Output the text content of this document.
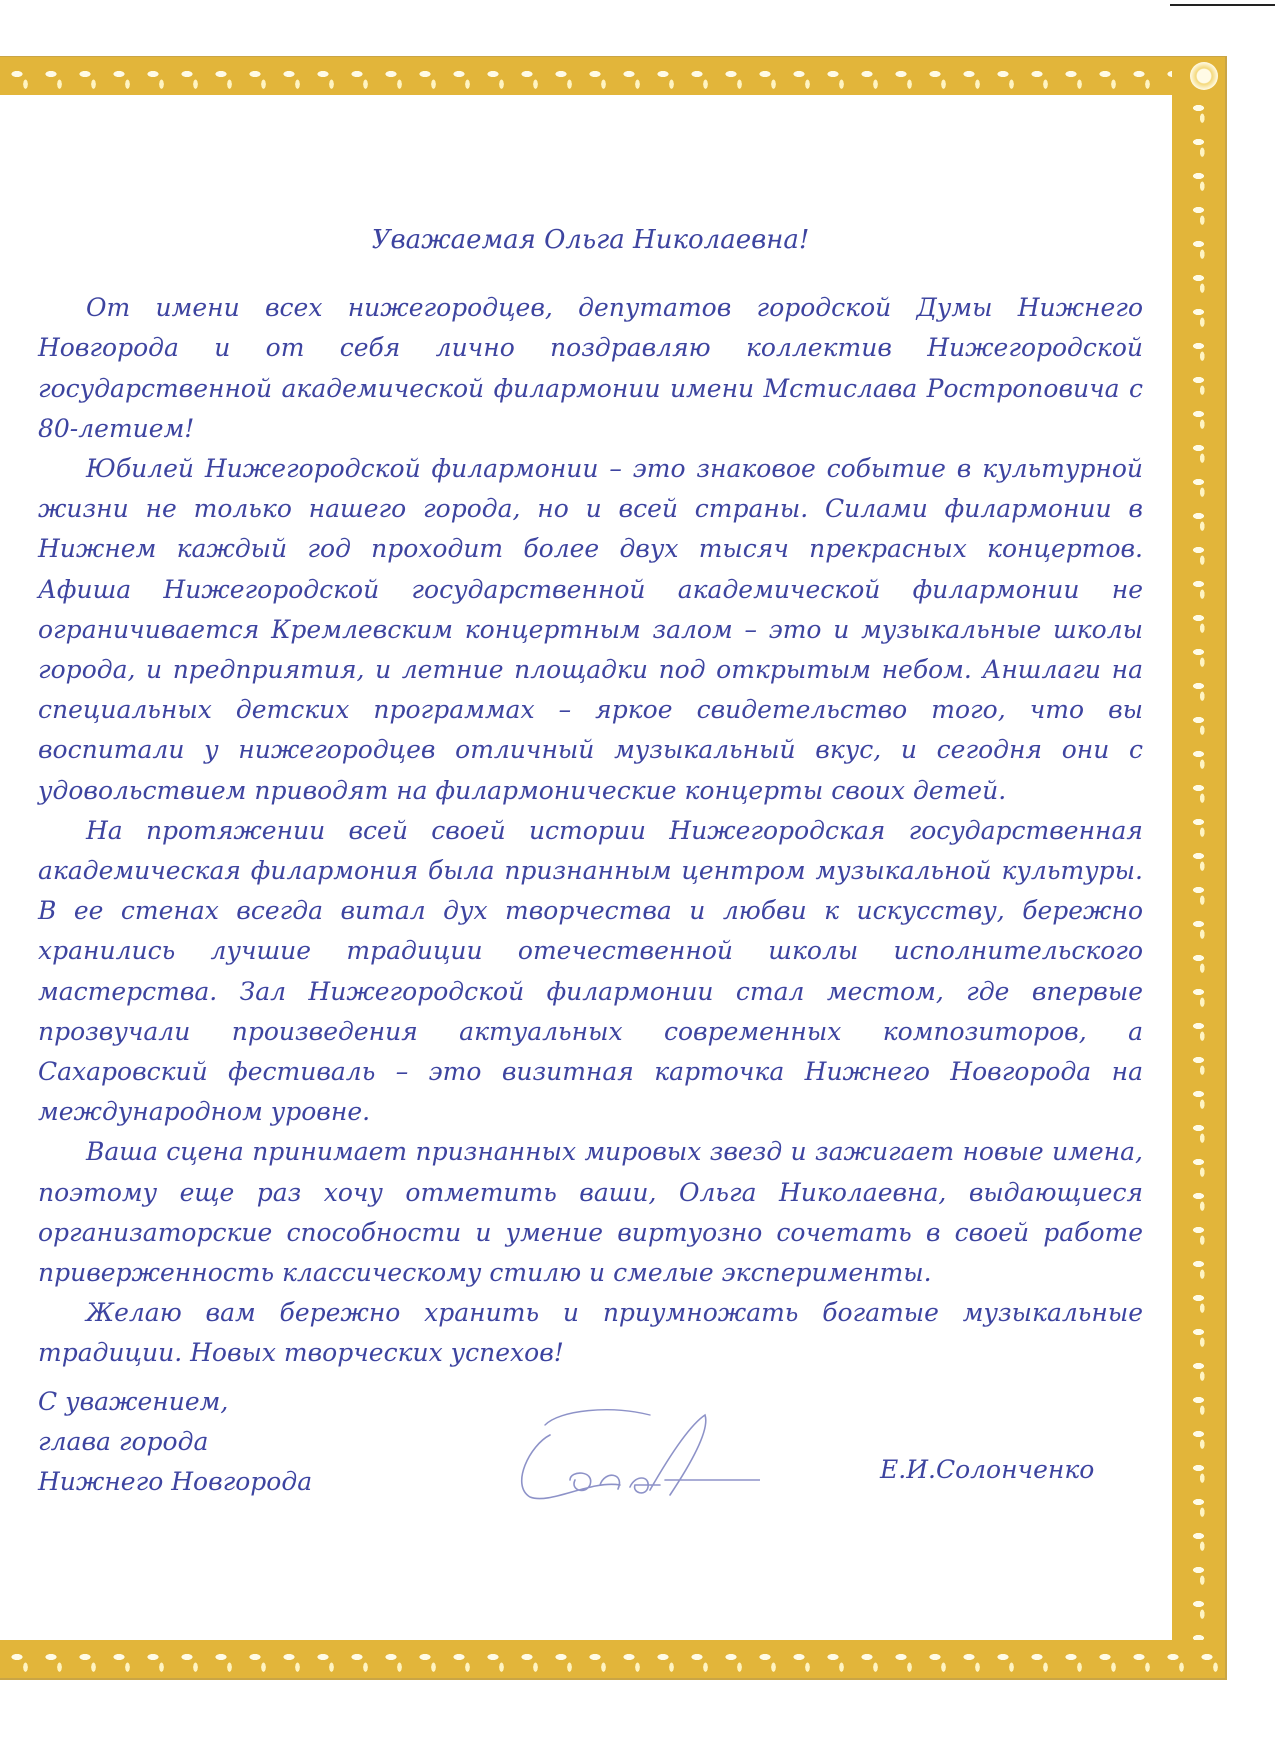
Уважаемая Ольга Николаевна!

От имени всех нижегородцев, депутатов городской Думы Нижнего Новгорода и от себя лично поздравляю коллектив Нижегородской государственной академической филармонии имени Мстислава Ростроповича с 80-летием!

Юбилей Нижегородской филармонии – это знаковое событие в культурной жизни не только нашего города, но и всей страны. Силами филармонии в Нижнем каждый год проходит более двух тысяч прекрасных концертов. Афиша Нижегородской государственной академической филармонии не ограничивается Кремлевским концертным залом – это и музыкальные школы города, и предприятия, и летние площадки под открытым небом. Аншлаги на специальных детских программах – яркое свидетельство того, что вы воспитали у нижегородцев отличный музыкальный вкус, и сегодня они с удовольствием приводят на филармонические концерты своих детей.

На протяжении всей своей истории Нижегородская государственная академическая филармония была признанным центром музыкальной культуры. В ее стенах всегда витал дух творчества и любви к искусству, бережно хранились лучшие традиции отечественной школы исполнительского мастерства. Зал Нижегородской филармонии стал местом, где впервые прозвучали произведения актуальных современных композиторов, а Сахаровский фестиваль – это визитная карточка Нижнего Новгорода на международном уровне.

Ваша сцена принимает признанных мировых звезд и зажигает новые имена, поэтому еще раз хочу отметить ваши, Ольга Николаевна, выдающиеся организаторские способности и умение виртуозно сочетать в своей работе приверженность классическому стилю и смелые эксперименты.

Желаю вам бережно хранить и приумножать богатые музыкальные традиции. Новых творческих успехов!

С уважением,
глава города
Нижнего Новгорода	Е.И.Солонченко
